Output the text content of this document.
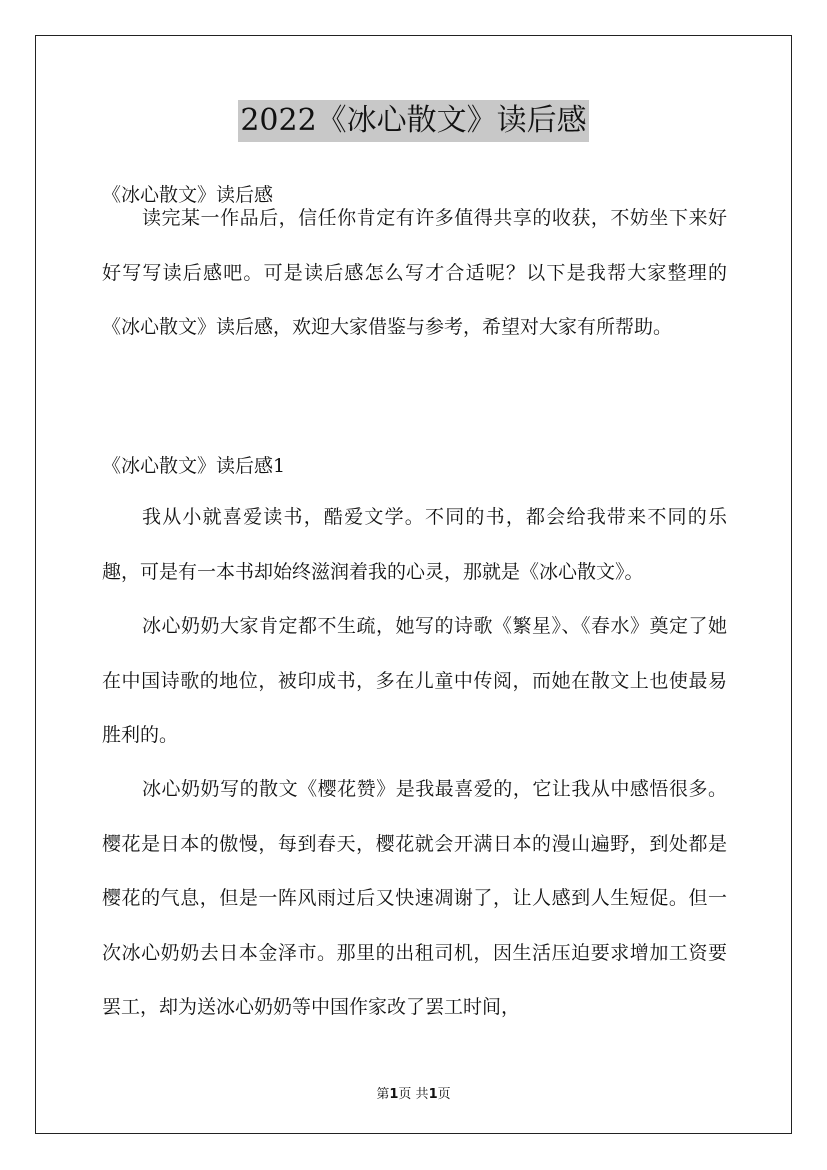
2022《冰心散文》读后感
《冰心散文》读后感
读完某一作品后，信任你肯定有许多值得共享的收获，不妨坐下来好好写写读后感吧。可是读后感怎么写才合适呢？以下是我帮大家整理的《冰心散文》读后感，欢迎大家借鉴与参考，希望对大家有所帮助。
《冰心散文》读后感1
我从小就喜爱读书，酷爱文学。不同的书，都会给我带来不同的乐趣，可是有一本书却始终滋润着我的心灵，那就是《冰心散文》。
冰心奶奶大家肯定都不生疏，她写的诗歌《繁星》、《春水》奠定了她在中国诗歌的地位，被印成书，多在儿童中传阅，而她在散文上也使最易胜利的。
冰心奶奶写的散文《樱花赞》是我最喜爱的，它让我从中感悟很多。樱花是日本的傲慢，每到春天，樱花就会开满日本的漫山遍野，到处都是樱花的气息，但是一阵风雨过后又快速凋谢了，让人感到人生短促。但一次冰心奶奶去日本金泽市。那里的出租司机，因生活压迫要求增加工资要罢工，却为送冰心奶奶等中国作家改了罢工时间，
第1页 共1页
